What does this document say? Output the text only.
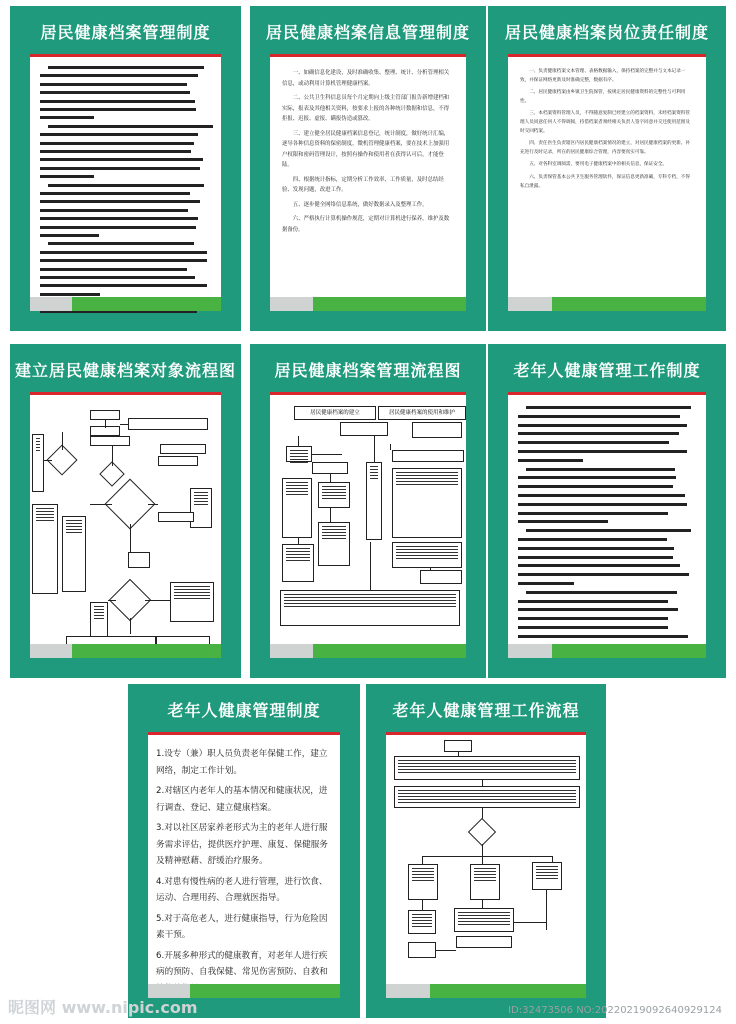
居民健康档案管理制度	居民健康档案信息管理制度

一、如确信息化建设，及时准确收集、整理、统计、分析管理相关信息，或动利用计算机管理健康档案。

二、公共卫生科信息员每个月定期向上级主管部门报告新增建档和实际，报表及其他相关资料，按要求上报的各种统计数据和信息，不得拒报、迟报、虚报、瞒报伪造或篡改。

三、建立健全居民健康档案信息登记，统计制度，做好统计汇编，逐导各种信息资料的保密制度，微机管理健康档案，要在技术上加强用户权限和密码管理设计，按照有操作和使用者在获得认可后，才能登陆。

四、根据统计指标，定期分析工作效率、工作质量，及时总结经验、发现问题，改进工作。

五、逐步健全网络信息系统，做好数据录入及整理工作。

六、严格执行计算机操作规范，定期对计算机进行保养，维护及数据备份。

居民健康档案岗位责任制度

一、负责健康档案文本管理、表格数据输入，保持档案的完整并与文本记录一致，并保证网络更新及时准确完整，数据有序。

二、居民健康档案由乡镇卫生院保管，按规定居民健康资料的完整性与可利用性。

三、本档案资料管理人员，不得随意复制已经建立的档案资料，未经档案资料管理人员同意任何人不得调阅，持借档案者须经相关负责人签字同意并交还使用范围及时交回档案。

四、责任医生负责辖区内居民健康档案情况的建立，对居民健康档案的更新、补充进行及时记录，所在的居民健康综合管理，内容要真实可靠。

五、对各科室调阅需，要用电子健康档案中的相关信息，保证安全。

六、负责保管基本公共卫生服务管理软件，保证信息更新准确，专科专档，不得私自泄露。

建立居民健康档案对象流程图	居民健康档案管理流程图
居民健康档案的建立	居民健康档案的使用和维护
老年人健康管理工作制度
老年人健康管理制度

1.设专（兼）职人员负责老年保健工作，建立网络，制定工作计划。

2.对辖区内老年人的基本情况和健康状况，进行调查、登记、建立健康档案。

3.对以社区居家养老形式为主的老年人进行服务需求评估，提供医疗护理、康复、保健服务及精神慰藉、舒缓治疗服务。

4.对患有慢性病的老人进行管理，进行饮食、运动、合理用药、合理就医指导。

5.对于高危老人，进行健康指导，行为危险因素干预。

6.开展多种形式的健康教育，对老年人进行疾病的预防、自我保健、常见伤害预防、自救和

老年人健康管理工作流程
昵图网 www.nipic.com	ID:32473506 NO:20220219092640929124
